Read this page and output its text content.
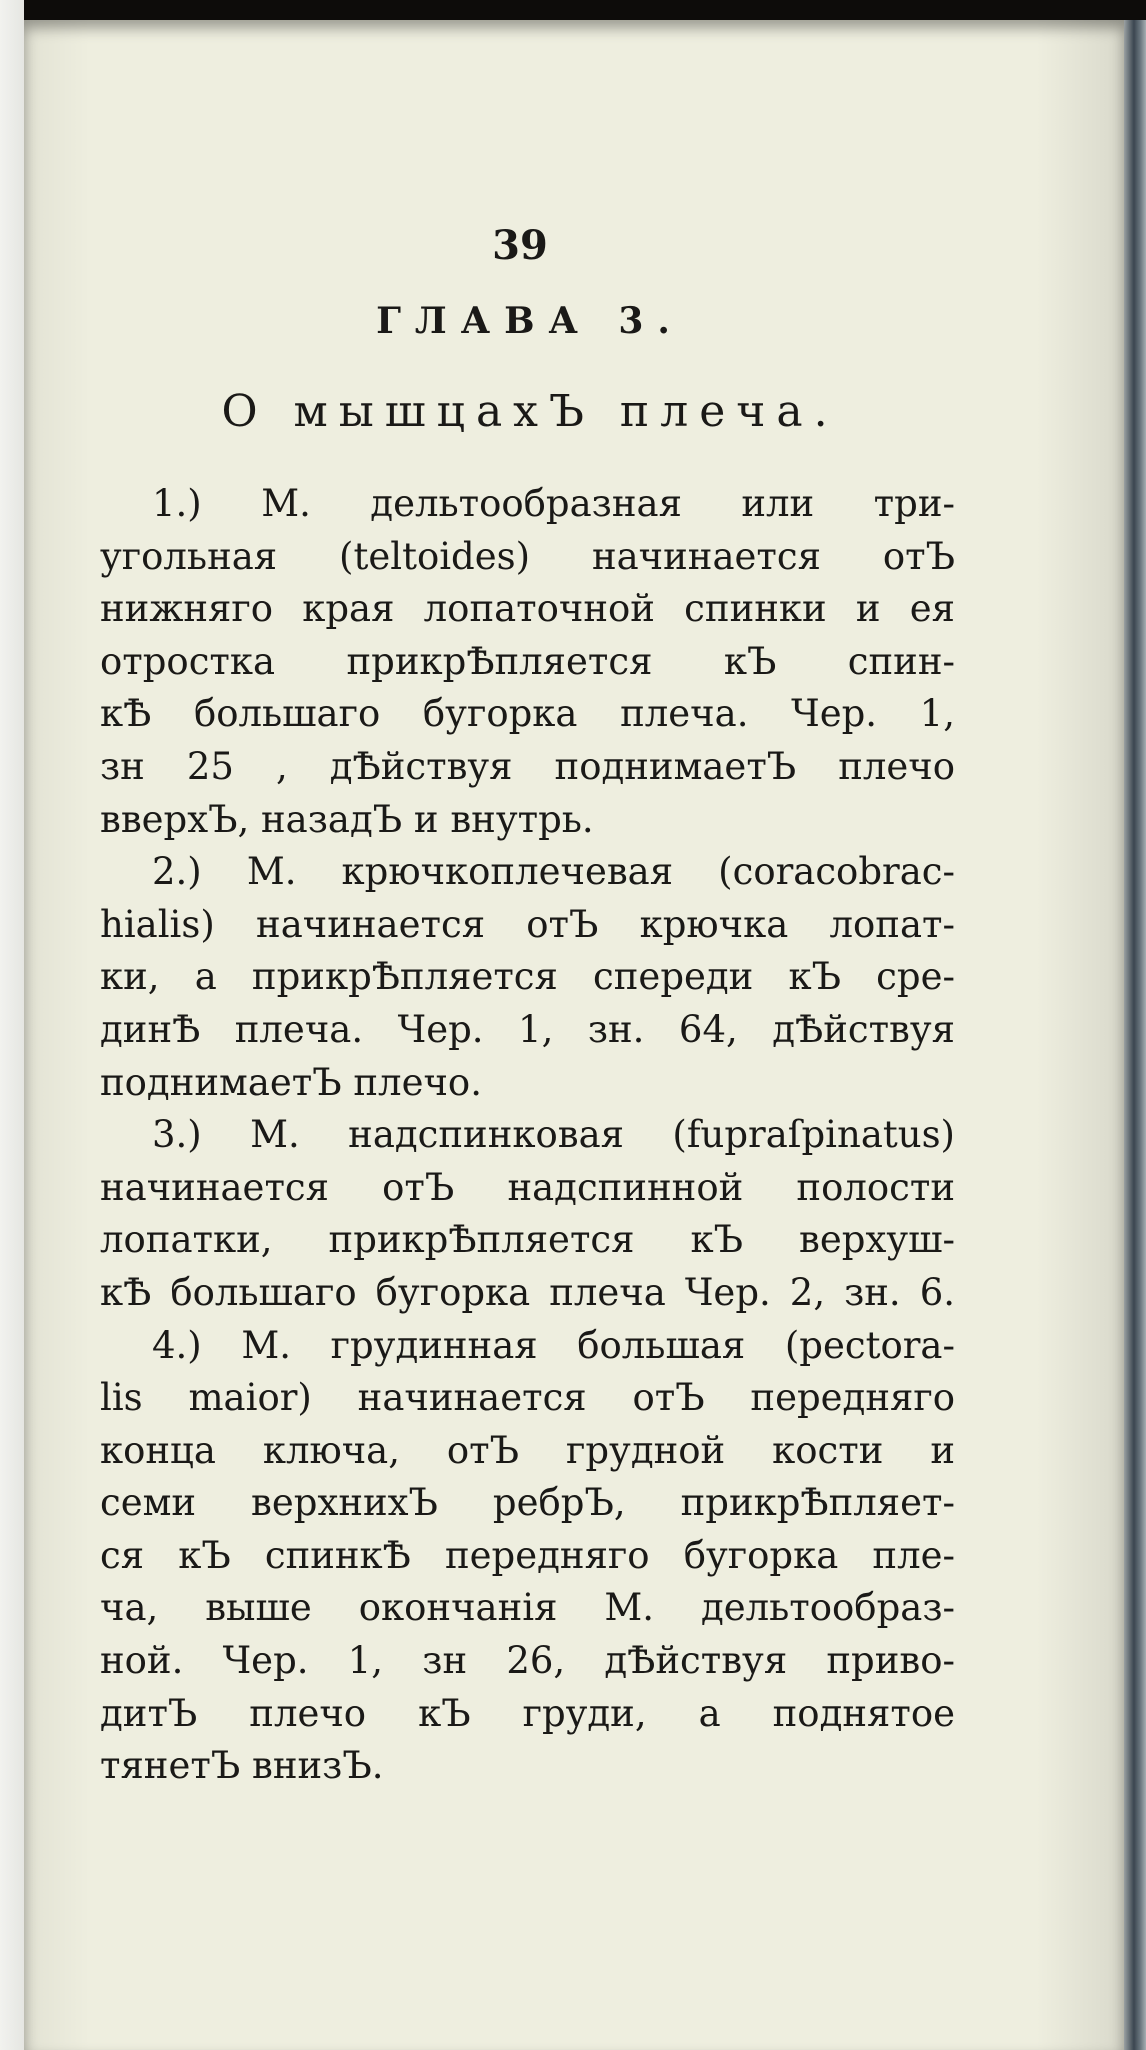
39
ГЛАВА 3.
О мышцахЪ плеча.
1.) М. дельтообразная или три-
угольная (teltoides) начинается отЪ
нижняго края лопаточной спинки и ея
отростка прикрѢпляется кЪ спин-
кѢ большаго бугорка плеча. Чер. 1,
зн 25 , дѢйствуя поднимаетЪ плечо
вверхЪ, назадЪ и внутрь.
2.) М. крючкоплечевая (coracobrac-
hialis) начинается отЪ крючка лопат-
ки, а прикрѢпляется спереди кЪ сре-
динѢ плеча. Чер. 1, зн. 64, дѢйствуя
поднимаетЪ плечо.
3.) М. надспинковая (fupraſpinatus)
начинается отЪ надспинной полости
лопатки, прикрѢпляется кЪ верхуш-
кѢ большаго бугорка плеча Чер. 2, зн. 6.
4.) М. грудинная большая (pectora-
lis maior) начинается отЪ передняго
конца ключа, отЪ грудной кости и
семи верхнихЪ ребрЪ, прикрѢпляет-
ся кЪ спинкѢ передняго бугорка пле-
ча, выше окончанія М. дельтообраз-
ной. Чер. 1, зн 26, дѢйствуя приво-
дитЪ плечо кЪ груди, а поднятое
тянетЪ внизЪ.
